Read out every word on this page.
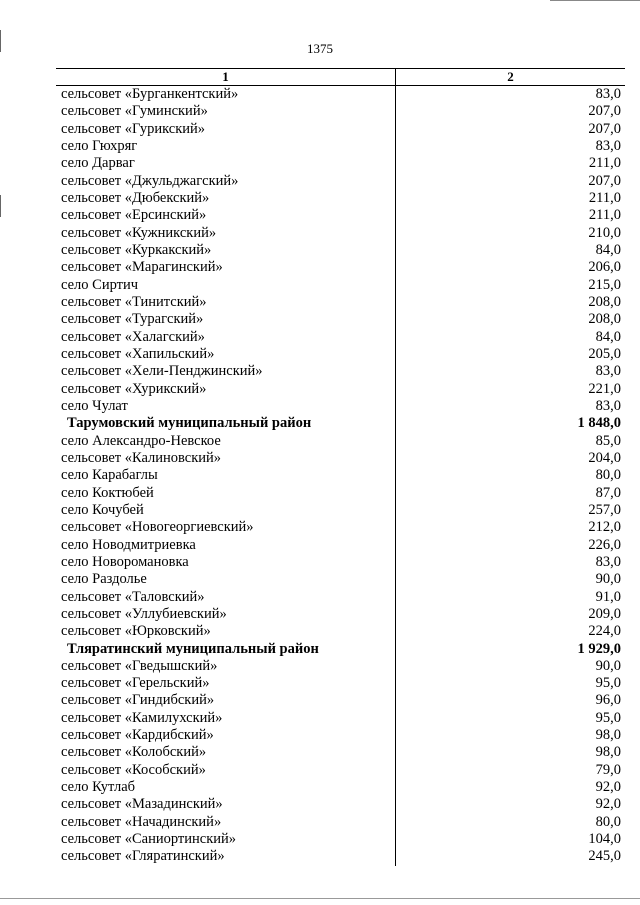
1375
1	2
сельсовет «Бурганкентский»	83,0
сельсовет «Гуминский»	207,0
сельсовет «Гурикский»	207,0
село Гюхряг	83,0
село Дарваг	211,0
сельсовет «Джульджагский»	207,0
сельсовет «Дюбекский»	211,0
сельсовет «Ерсинский»	211,0
сельсовет «Кужникский»	210,0
сельсовет «Куркакский»	84,0
сельсовет «Марагинский»	206,0
село Сиртич	215,0
сельсовет «Тинитский»	208,0
сельсовет «Турагский»	208,0
сельсовет «Халагский»	84,0
сельсовет «Хапильский»	205,0
сельсовет «Хели-Пенджинский»	83,0
сельсовет «Хурикский»	221,0
село Чулат	83,0
Тарумовский муниципальный район	1 848,0
село Александро-Невское	85,0
сельсовет «Калиновский»	204,0
село Карабаглы	80,0
село Коктюбей	87,0
село Кочубей	257,0
сельсовет «Новогеоргиевский»	212,0
село Новодмитриевка	226,0
село Новоромановка	83,0
село Раздолье	90,0
сельсовет «Таловский»	91,0
сельсовет «Уллубиевский»	209,0
сельсовет «Юрковский»	224,0
Тляратинский муниципальный район	1 929,0
сельсовет «Гведышский»	90,0
сельсовет «Герельский»	95,0
сельсовет «Гиндибский»	96,0
сельсовет «Камилухский»	95,0
сельсовет «Кардибский»	98,0
сельсовет «Колобский»	98,0
сельсовет «Кособский»	79,0
село Кутлаб	92,0
сельсовет «Мазадинский»	92,0
сельсовет «Начадинский»	80,0
сельсовет «Саниортинский»	104,0
сельсовет «Гляратинский»	245,0
